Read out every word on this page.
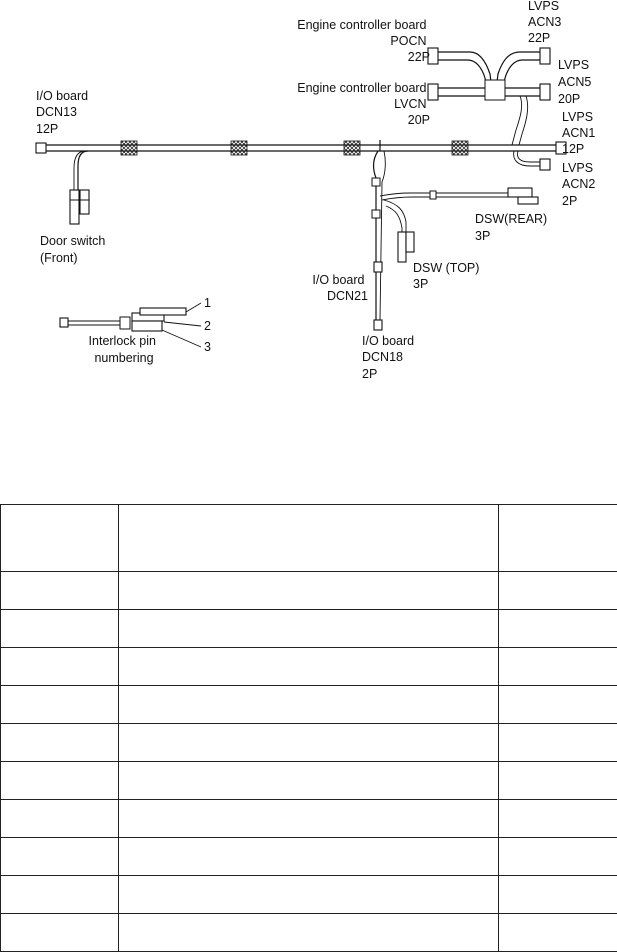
LVPS ACN3 22P
Engine controller board POCN 22P
LVPS ACN5 20P
I/O board DCN13 12P
Engine controller board LVCN 20P	LVPS ACN1 12P
LVPS ACN2 2P
DSW(REAR) 3P
Door switch (Front)
DSW (TOP) 3P
I/O board DCN21
I/O board DCN18 2P
1
2
3
Interlock pin numbering
